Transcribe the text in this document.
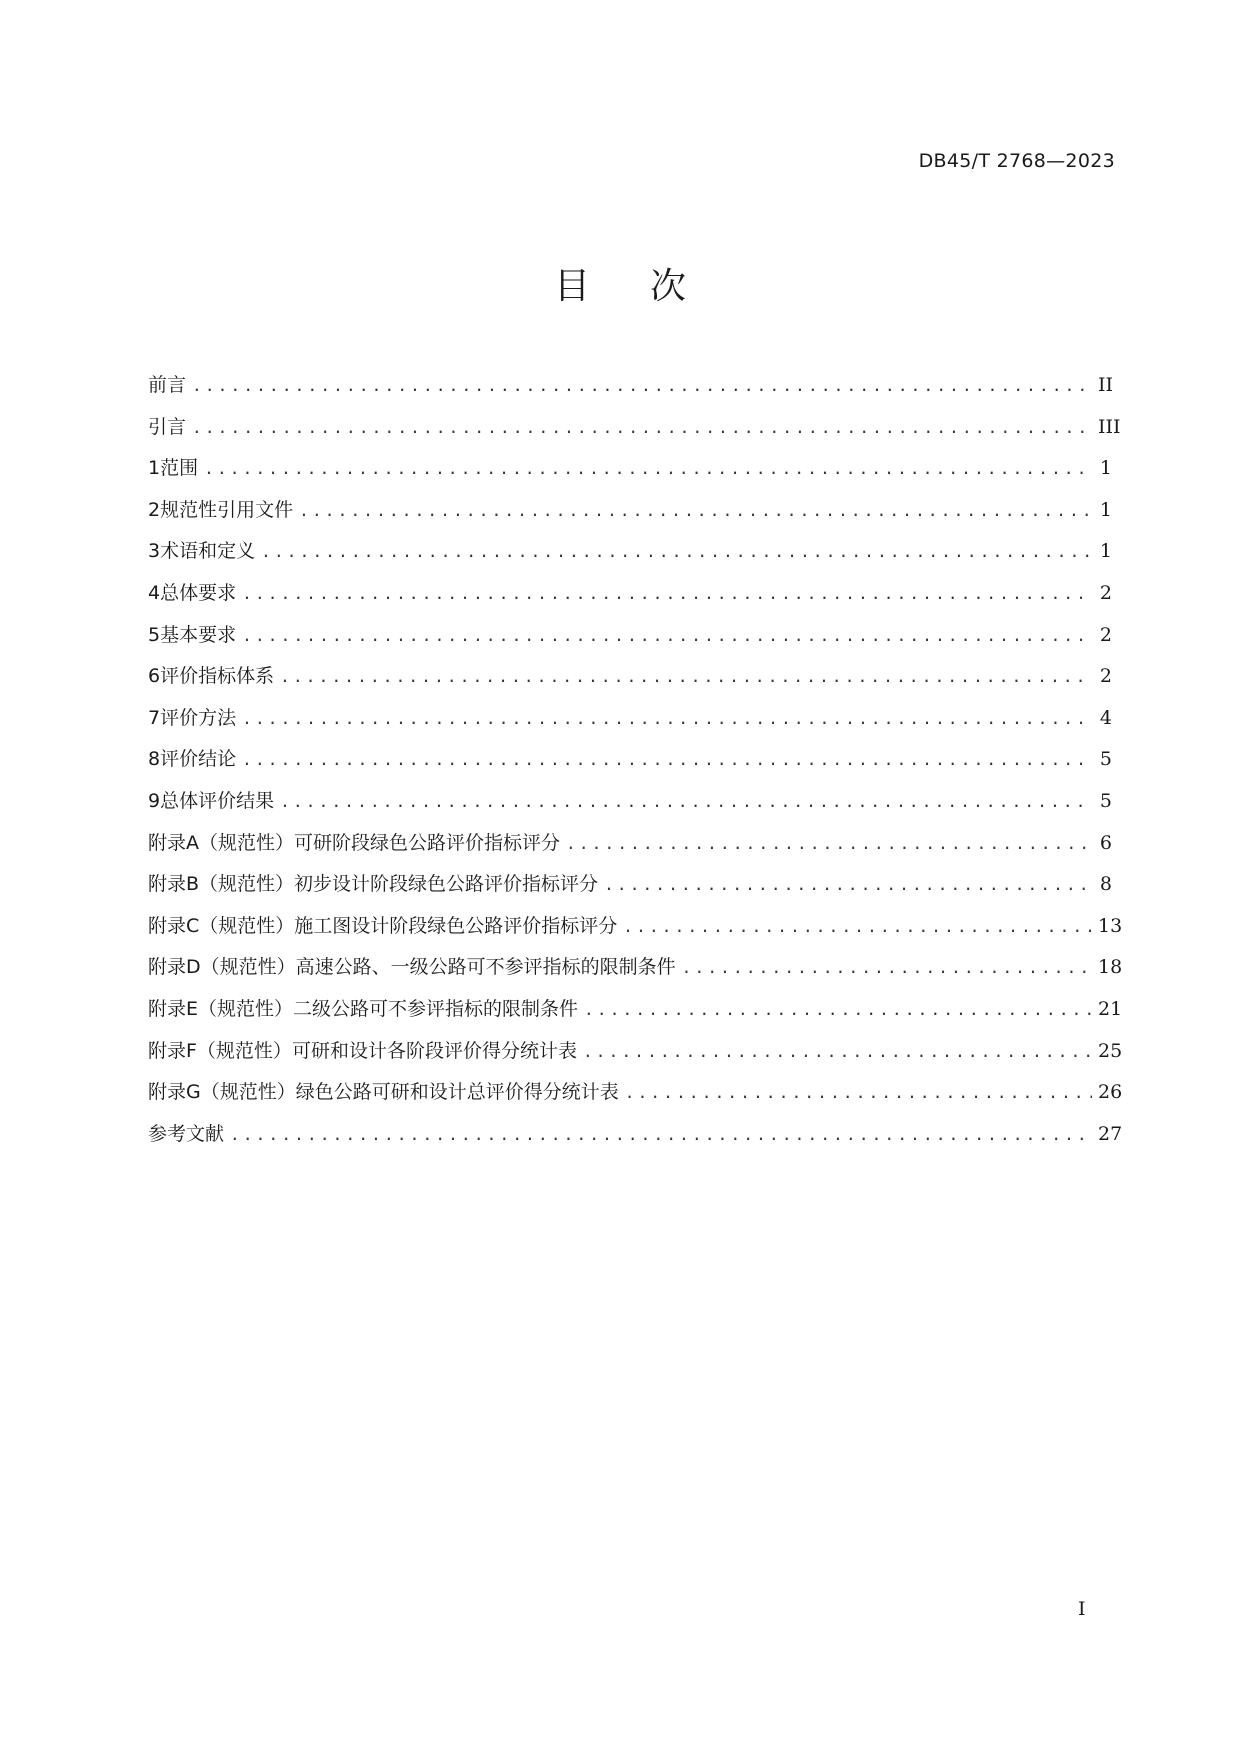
DB45/T 2768—2023
目 次
前言 .....	II
引言 .....	III
1 范围 .....	1
2 规范性引用文件 .....	1
3 术语和定义 .....	1
4 总体要求 .....	2
5 基本要求 .....	2
6 评价指标体系 .....	2
7 评价方法 .....	4
8 评价结论 .....	5
9 总体评价结果 .....	5
附录A（规范性） 可研阶段绿色公路评价指标评分 .....	6
附录B（规范性） 初步设计阶段绿色公路评价指标评分 .....	8
附录C（规范性） 施工图设计阶段绿色公路评价指标评分 .....	13
附录D（规范性） 高速公路、一级公路可不参评指标的限制条件 .....	18
附录E（规范性） 二级公路可不参评指标的限制条件 .....	21
附录F（规范性） 可研和设计各阶段评价得分统计表 .....	25
附录G（规范性） 绿色公路可研和设计总评价得分统计表 .....	26
参考文献 .....	27
I
